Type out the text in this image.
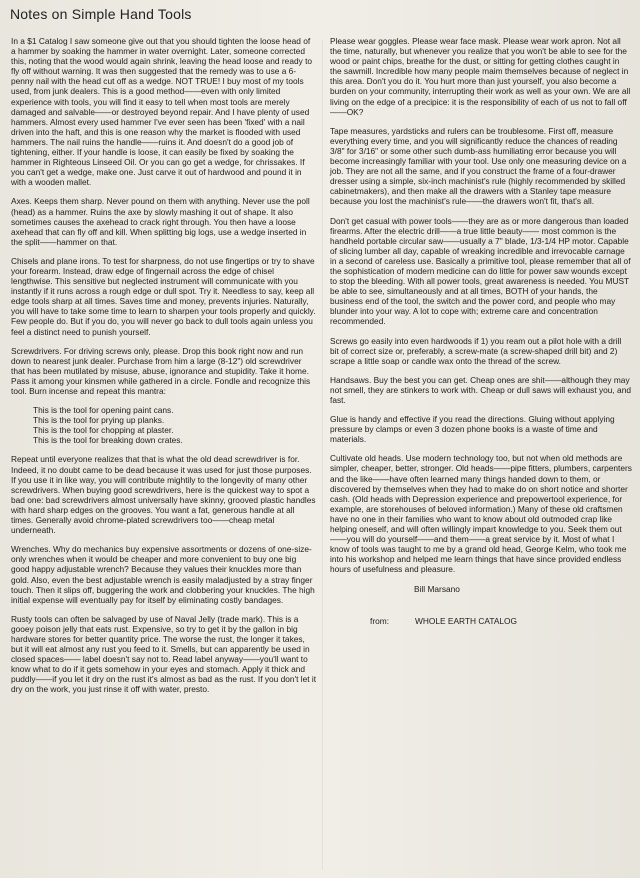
Notes on Simple Hand Tools

In a $1 Catalog I saw someone give out that you should tighten the loose head of a hammer by soaking the hammer in water overnight. Later, someone corrected this, noting that the wood would again shrink, leaving the head loose and ready to fly off without warning. It was then suggested that the remedy was to use a 6-penny nail with the head cut off as a wedge. NOT TRUE! I buy most of my tools used, from junk dealers. This is a good method——even with only limited experience with tools, you will find it easy to tell when most tools are merely damaged and salvable——or destroyed beyond repair. And I have plenty of used hammers. Almost every used hammer I've ever seen has been 'fixed' with a nail driven into the haft, and this is one reason why the market is flooded with used hammers. The nail ruins the handle——ruins it. And doesn't do a good job of tightening, either. If your handle is loose, it can easily be fixed by soaking the hammer in Righteous Linseed Oil. Or you can go get a wedge, for chrissakes. If you can't get a wedge, make one. Just carve it out of hardwood and pound it in with a wooden mallet.

Axes. Keeps them sharp. Never pound on them with anything. Never use the poll (head) as a hammer. Ruins the axe by slowly mashing it out of shape. It also sometimes causes the axehead to crack right through. You then have a loose axehead that can fly off and kill. When splitting big logs, use a wedge inserted in the split——hammer on that.

Chisels and plane irons. To test for sharpness, do not use fingertips or try to shave your forearm. Instead, draw edge of fingernail across the edge of chisel lengthwise. This sensitive but neglected instrument will communicate with you instantly if it runs across a rough edge or dull spot. Try it. Needless to say, keep all edge tools sharp at all times. Saves time and money, prevents injuries. Naturally, you will have to take some time to learn to sharpen your tools properly and quickly. Few people do. But if you do, you will never go back to dull tools again unless you feel a distinct need to punish yourself.

Screwdrivers. For driving screws only, please. Drop this book right now and run down to nearest junk dealer. Purchase from him a large (8-12") old screwdriver that has been mutilated by misuse, abuse, ignorance and stupidity. Take it home. Pass it among your kinsmen while gathered in a circle. Fondle and recognize this tool. Burn incense and repeat this mantra:

This is the tool for opening paint cans.
This is the tool for prying up planks.
This is the tool for chopping at plaster.
This is the tool for breaking down crates.

Repeat until everyone realizes that that is what the old dead screwdriver is for. Indeed, it no doubt came to be dead because it was used for just those purposes. If you use it in like way, you will contribute mightily to the longevity of many other screwdrivers. When buying good screwdrivers, here is the quickest way to spot a bad one: bad screwdrivers almost universally have skinny, grooved plastic handles with hard sharp edges on the grooves. You want a fat, generous handle at all times. Generally avoid chrome-plated screwdrivers too——cheap metal underneath.

Wrenches. Why do mechanics buy expensive assortments or dozens of one-size-only wrenches when it would be cheaper and more convenient to buy one big good happy adjustable wrench? Because they values their knuckles more than gold. Also, even the best adjustable wrench is easily maladjusted by a stray finger touch. Then it slips off, buggering the work and clobbering your knuckles. The high initial expense will eventually pay for itself by eliminating costly bandages.

Rusty tools can often be salvaged by use of Naval Jelly (trade mark). This is a gooey poison jelly that eats rust. Expensive, so try to get it by the gallon in big hardware stores for better quantity price. The worse the rust, the longer it takes, but it will eat almost any rust you feed to it. Smells, but can apparently be used in closed spaces—— label doesn't say not to. Read label anyway——you'll want to know what to do if it gets somehow in your eyes and stomach. Apply it thick and puddly——if you let it dry on the rust it's almost as bad as the rust. If you don't let it dry on the work, you just rinse it off with water, presto.

Please wear goggles. Please wear face mask. Please wear work apron. Not all the time, naturally, but whenever you realize that you won't be able to see for the wood or paint chips, breathe for the dust, or sitting for getting clothes caught in the sawmill. Incredible how many people maim themselves because of neglect in this area. Don't you do it. You hurt more than just yourself, you also become a burden on your community, interrupting their work as well as your own. We are all living on the edge of a precipice: it is the responsibility of each of us not to fall off——OK?

Tape measures, yardsticks and rulers can be troublesome. First off, measure everything every time, and you will significantly reduce the chances of reading 3/8" for 3/16" or some other such dumb-ass humiliating error because you will become increasingly familiar with your tool. Use only one measuring device on a job. They are not all the same, and if you construct the frame of a four-drawer dresser using a simple, six-inch machinist's rule (highly recommended by skilled cabinetmakers), and then make all the drawers with a Stanley tape measure because you lost the machinist's rule——the drawers won't fit, that's all.

Don't get casual with power tools——they are as or more dangerous than loaded firearms. After the electric drill——a true little beauty—— most common is the handheld portable circular saw——usually a 7" blade, 1/3-1/4 HP motor. Capable of slicing lumber all day, capable of wreaking incredible and irrevocable carnage in a second of careless use. Basically a primitive tool, please remember that all of the sophistication of modern medicine can do little for power saw wounds except to stop the bleeding. With all power tools, great awareness is needed. You MUST be able to see, simultaneously and at all times, BOTH of your hands, the business end of the tool, the switch and the power cord, and people who may blunder into your way. A lot to cope with; extreme care and concentration recommended.

Screws go easily into even hardwoods if 1) you ream out a pilot hole with a drill bit of correct size or, preferably, a screw-mate (a screw-shaped drill bit) and 2) scrape a little soap or candle wax onto the thread of the screw.

Handsaws. Buy the best you can get. Cheap ones are shit——although they may not smell, they are stinkers to work with. Cheap or dull saws will exhaust you, and fast.

Glue is handy and effective if you read the directions. Gluing without applying pressure by clamps or even 3 dozen phone books is a waste of time and materials.

Cultivate old heads. Use modern technology too, but not when old methods are simpler, cheaper, better, stronger. Old heads——pipe fitters, plumbers, carpenters and the like——have often learned many things handed down to them, or discovered by themselves when they had to make do on short notice and shorter cash. (Old heads with Depression experience and prepowertool experience, for example, are storehouses of beloved information.) Many of these old craftsmen have no one in their families who want to know about old outmoded crap like helping oneself, and will often willingly impart knowledge to you. Seek them out——you will do yourself——and them——a great service by it. Most of what I know of tools was taught to me by a grand old head, George Kelm, who took me into his workshop and helped me learn things that have since provided endless hours of usefulness and pleasure.

Bill Marsano
from:	WHOLE EARTH CATALOG
